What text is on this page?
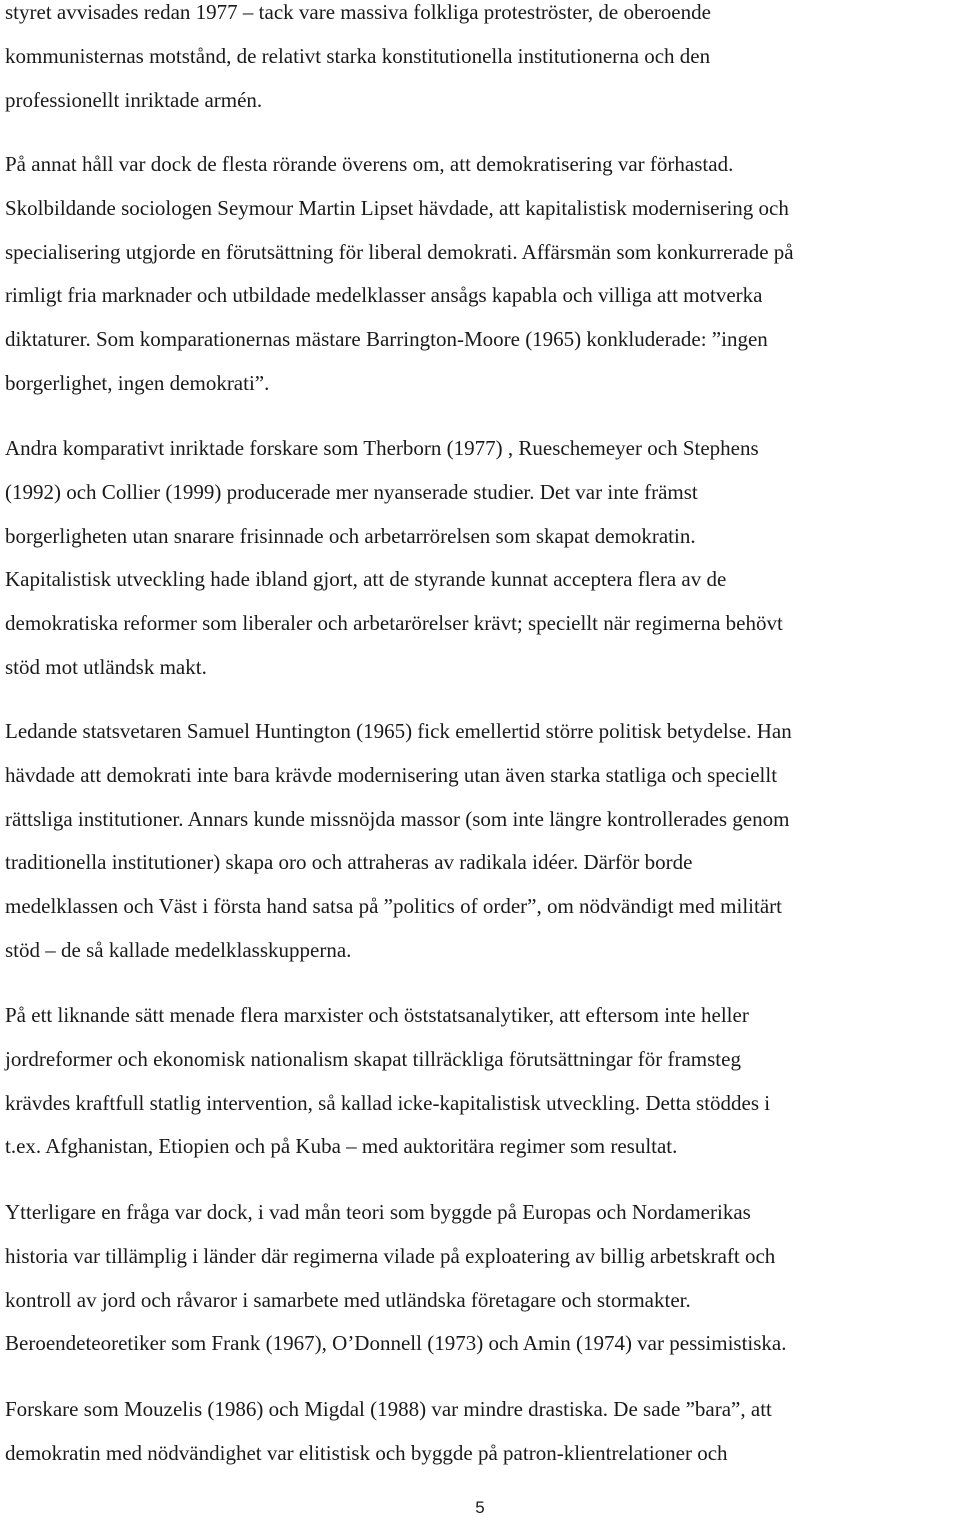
styret avvisades redan 1977 – tack vare massiva folkliga proteströster, de oberoende
kommunisternas motstånd, de relativt starka konstitutionella institutionerna och den
professionellt inriktade armén.
På annat håll var dock de flesta rörande överens om, att demokratisering var förhastad.
Skolbildande sociologen Seymour Martin Lipset hävdade, att kapitalistisk modernisering och
specialisering utgjorde en förutsättning för liberal demokrati. Affärsmän som konkurrerade på
rimligt fria marknader och utbildade medelklasser ansågs kapabla och villiga att motverka
diktaturer. Som komparationernas mästare Barrington-Moore (1965) konkluderade: ”ingen
borgerlighet, ingen demokrati”.
Andra komparativt inriktade forskare som Therborn (1977) , Rueschemeyer och Stephens
(1992) och Collier (1999) producerade mer nyanserade studier. Det var inte främst
borgerligheten utan snarare frisinnade och arbetarrörelsen som skapat demokratin.
Kapitalistisk utveckling hade ibland gjort, att de styrande kunnat acceptera flera av de
demokratiska reformer som liberaler och arbetarörelser krävt; speciellt när regimerna behövt
stöd mot utländsk makt.
Ledande statsvetaren Samuel Huntington (1965) fick emellertid större politisk betydelse. Han
hävdade att demokrati inte bara krävde modernisering utan även starka statliga och speciellt
rättsliga institutioner. Annars kunde missnöjda massor (som inte längre kontrollerades genom
traditionella institutioner) skapa oro och attraheras av radikala idéer. Därför borde
medelklassen och Väst i första hand satsa på ”politics of order”, om nödvändigt med militärt
stöd – de så kallade medelklasskupperna.
På ett liknande sätt menade flera marxister och öststatsanalytiker, att eftersom inte heller
jordreformer och ekonomisk nationalism skapat tillräckliga förutsättningar för framsteg
krävdes kraftfull statlig intervention, så kallad icke-kapitalistisk utveckling. Detta stöddes i
t.ex. Afghanistan, Etiopien och på Kuba – med auktoritära regimer som resultat.
Ytterligare en fråga var dock, i vad mån teori som byggde på Europas och Nordamerikas
historia var tillämplig i länder där regimerna vilade på exploatering av billig arbetskraft och
kontroll av jord och råvaror i samarbete med utländska företagare och stormakter.
Beroendeteoretiker som Frank (1967), O’Donnell (1973) och Amin (1974) var pessimistiska.
Forskare som Mouzelis (1986) och Migdal (1988) var mindre drastiska. De sade ”bara”, att
demokratin med nödvändighet var elitistisk och byggde på patron-klientrelationer och
5
